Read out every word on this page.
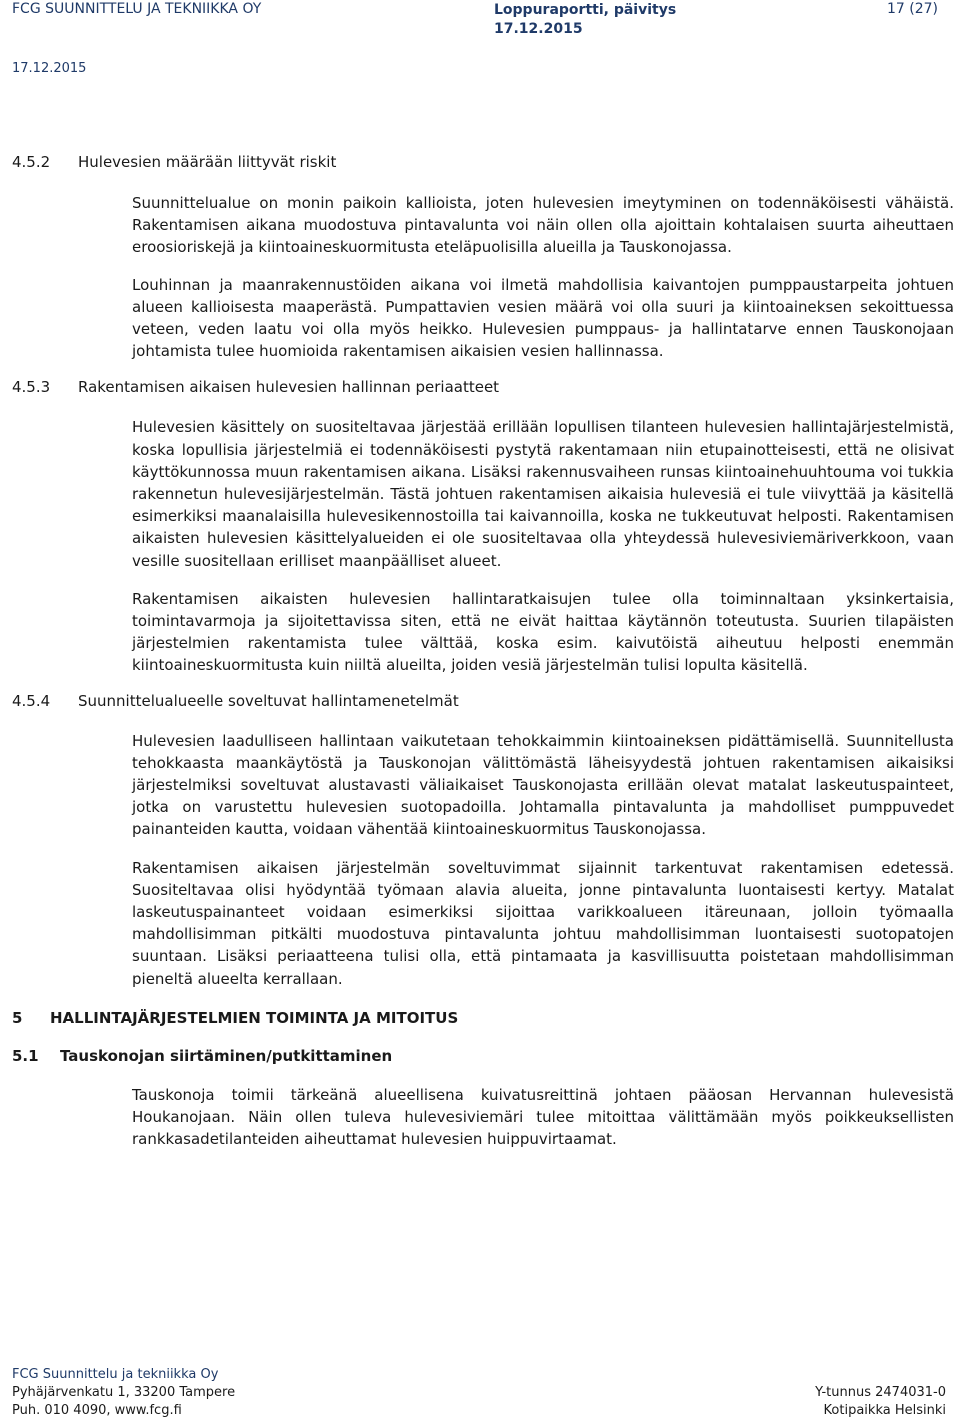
FCG SUUNNITTELU JA TEKNIIKKA OY	Loppuraportti, päivitys
17.12.2015
17 (27)
17.12.2015
4.5.2 Hulevesien määrään liittyvät riskit

Suunnittelualue on monin paikoin kallioista, joten hulevesien imeytyminen on todennäköisesti vähäistä. Rakentamisen aikana muodostuva pintavalunta voi näin ollen olla ajoittain kohtalaisen suurta aiheuttaen eroosioriskejä ja kiintoaineskuormitusta eteläpuolisilla alueilla ja Tauskonojassa.

Louhinnan ja maanrakennustöiden aikana voi ilmetä mahdollisia kaivantojen pumppaustarpeita johtuen alueen kallioisesta maaperästä. Pumpattavien vesien määrä voi olla suuri ja kiintoaineksen sekoittuessa veteen, veden laatu voi olla myös heikko. Hulevesien pumppaus- ja hallintatarve ennen Tauskonojaan johtamista tulee huomioida rakentamisen aikaisien vesien hallinnassa.

4.5.3 Rakentamisen aikaisen hulevesien hallinnan periaatteet

Hulevesien käsittely on suositeltavaa järjestää erillään lopullisen tilanteen hulevesien hallintajärjestelmistä, koska lopullisia järjestelmiä ei todennäköisesti pystytä rakentamaan niin etupainotteisesti, että ne olisivat käyttökunnossa muun rakentamisen aikana. Lisäksi rakennusvaiheen runsas kiintoainehuuhtouma voi tukkia rakennetun hulevesijärjestelmän. Tästä johtuen rakentamisen aikaisia hulevesiä ei tule viivyttää ja käsitellä esimerkiksi maanalaisilla hulevesikennostoilla tai kaivannoilla, koska ne tukkeutuvat helposti. Rakentamisen aikaisten hulevesien käsittelyalueiden ei ole suositeltavaa olla yhteydessä hulevesiviemäriverkkoon, vaan vesille suositellaan erilliset maanpäälliset alueet.

Rakentamisen aikaisten hulevesien hallintaratkaisujen tulee olla toiminnaltaan yksinkertaisia, toimintavarmoja ja sijoitettavissa siten, että ne eivät haittaa käytännön toteutusta. Suurien tilapäisten järjestelmien rakentamista tulee välttää, koska esim. kaivutöistä aiheutuu helposti enemmän kiintoaineskuormitusta kuin niiltä alueilta, joiden vesiä järjestelmän tulisi lopulta käsitellä.

4.5.4 Suunnittelualueelle soveltuvat hallintamenetelmät

Hulevesien laadulliseen hallintaan vaikutetaan tehokkaimmin kiintoaineksen pidättämisellä. Suunnitellusta tehokkaasta maankäytöstä ja Tauskonojan välittömästä läheisyydestä johtuen rakentamisen aikaisiksi järjestelmiksi soveltuvat alustavasti väliaikaiset Tauskonojasta erillään olevat matalat laskeutuspainteet, jotka on varustettu hulevesien suotopadoilla. Johtamalla pintavalunta ja mahdolliset pumppuvedet painanteiden kautta, voidaan vähentää kiintoaineskuormitus Tauskonojassa.

Rakentamisen aikaisen järjestelmän soveltuvimmat sijainnit tarkentuvat rakentamisen edetessä. Suositeltavaa olisi hyödyntää työmaan alavia alueita, jonne pintavalunta luontaisesti kertyy. Matalat laskeutuspainanteet voidaan esimerkiksi sijoittaa varikkoalueen itäreunaan, jolloin työmaalla mahdollisimman pitkälti muodostuva pintavalunta johtuu mahdollisimman luontaisesti suotopatojen suuntaan. Lisäksi periaatteena tulisi olla, että pintamaata ja kasvillisuutta poistetaan mahdollisimman pieneltä alueelta kerrallaan.

5 HALLINTAJÄRJESTELMIEN TOIMINTA JA MITOITUS
5.1 Tauskonojan siirtäminen/putkittaminen

Tauskonoja toimii tärkeänä alueellisena kuivatusreittinä johtaen pääosan Hervannan hulevesistä Houkanojaan. Näin ollen tuleva hulevesiviemäri tulee mitoittaa välittämään myös poikkeuksellisten rankkasadetilanteiden aiheuttamat hulevesien huippuvirtaamat.

FCG Suunnittelu ja tekniikka Oy
Pyhäjärvenkatu 1, 33200 Tampere	Y-tunnus 2474031-0
Puh. 010 4090, www.fcg.fi	Kotipaikka Helsinki
